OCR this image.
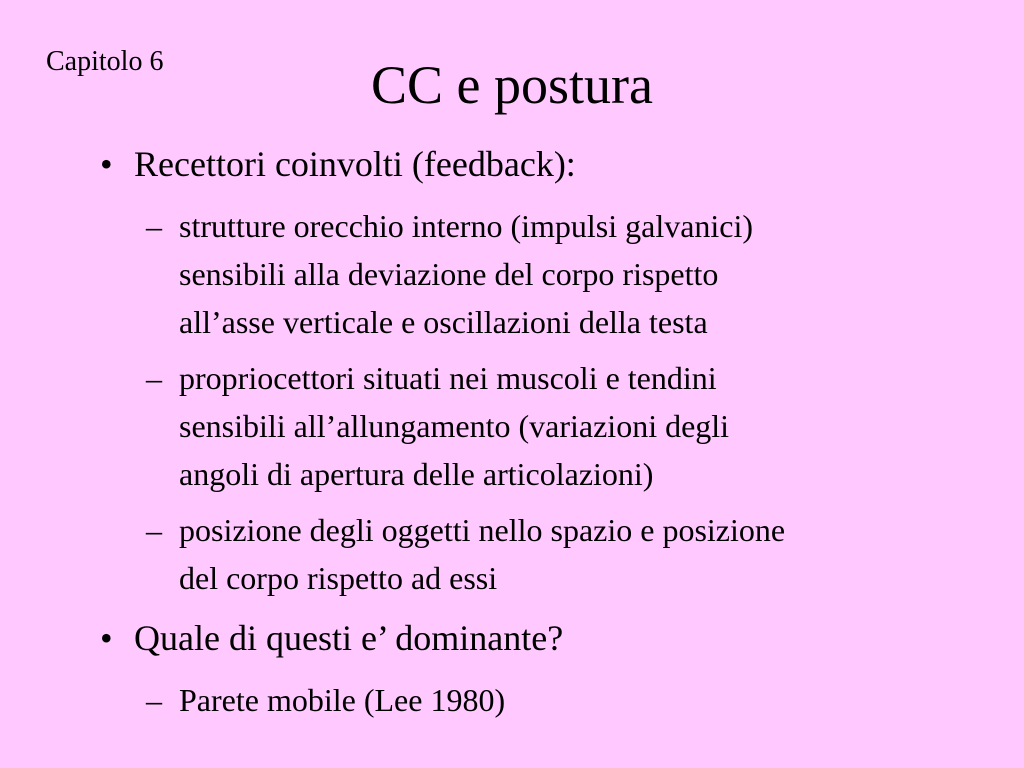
Capitolo 6	CC e postura
• Recettori coinvolti (feedback):
– strutture orecchio interno (impulsi galvanici)
sensibili alla deviazione del corpo rispetto
all’asse verticale e oscillazioni della testa
– propriocettori situati nei muscoli e tendini
sensibili all’allungamento (variazioni degli
angoli di apertura delle articolazioni)
– posizione degli oggetti nello spazio e posizione
del corpo rispetto ad essi
• Quale di questi e’ dominante?
– Parete mobile (Lee 1980)
